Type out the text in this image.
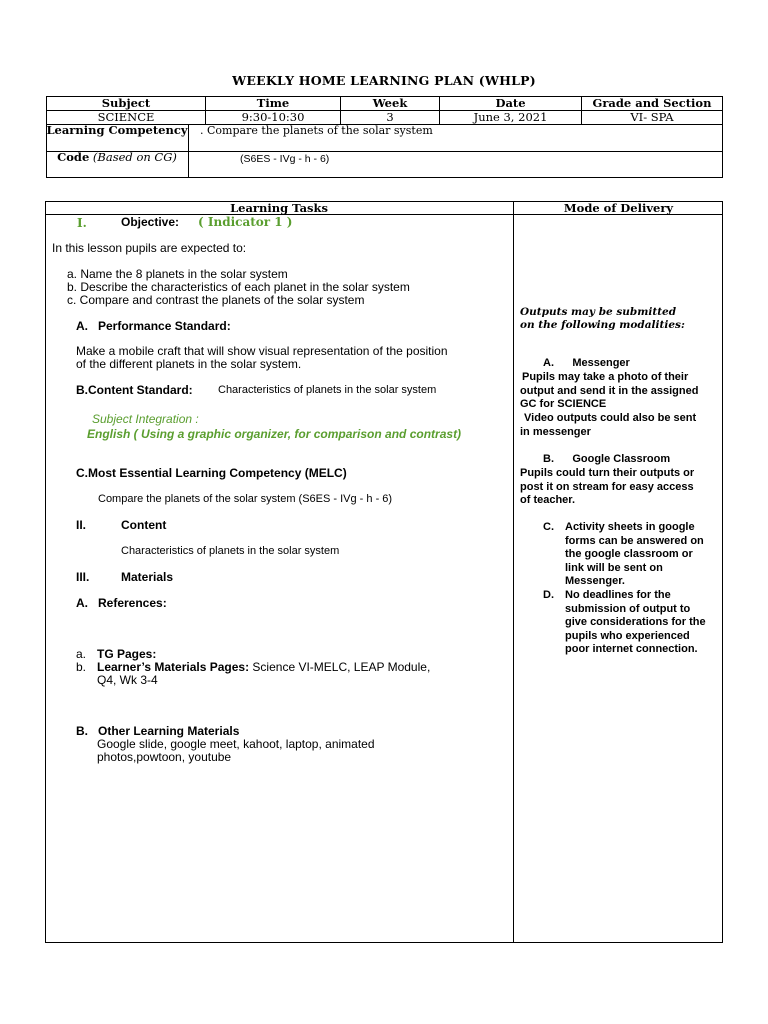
WEEKLY HOME LEARNING PLAN (WHLP)
Subject	Time	Week	Date	Grade and Section
SCIENCE	9:30-10:30	3	June 3, 2021	VI- SPA
Learning Competency . Compare the planets of the solar system
Code (Based on CG)	(S6ES - IVg - h - 6)
Learning Tasks	Mode of Delivery
I.	Objective: ( Indicator 1 )
In this lesson pupils are expected to:
a. Name the 8 planets in the solar system
b. Describe the characteristics of each planet in the solar system
c. Compare and contrast the planets of the solar system
A.   Performance Standard:
Make a mobile craft that will show visual representation of the position
of the different planets in the solar system.
B.Content Standard: Characteristics of planets in the solar system
Subject Integration :
English ( Using a graphic organizer, for comparison and contrast)
C.Most Essential Learning Competency (MELC)
Compare the planets of the solar system (S6ES - IVg - h - 6)
II.	Content
Characteristics of planets in the solar system
III.	Materials
A.   References:
a. TG Pages:
b. Learner’s Materials Pages: Science VI-MELC, LEAP Module,
Q4, Wk 3-4
B.   Other Learning Materials
Google slide, google meet, kahoot, laptop, animated
photos,powtoon, youtube
Outputs may be submitted
on the following modalities:
A.      Messenger
Pupils may take a photo of their
output and send it in the assigned
GC for SCIENCE
Video outputs could also be sent
in messenger
B.      Google Classroom
Pupils could turn their outputs or
post it on stream for easy access
of teacher.
C. Activity sheets in google
forms can be answered on
the google classroom or
link will be sent on
Messenger.
D. No deadlines for the
submission of output to
give considerations for the
pupils who experienced
poor internet connection.
